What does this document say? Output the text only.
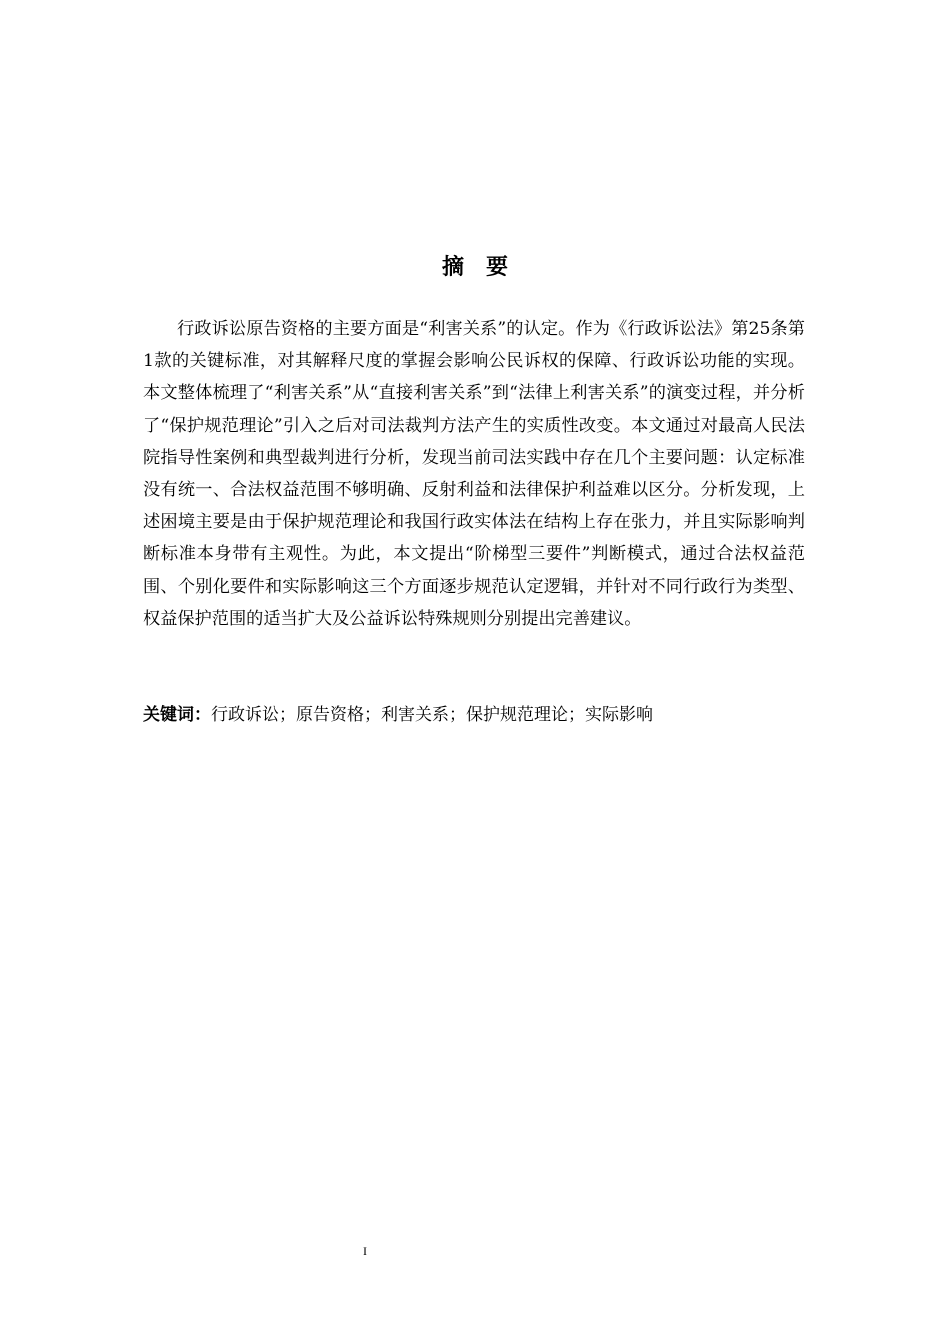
摘要

行政诉讼原告资格的主要方面是“利害关系”的认定。作为《行政诉讼法》第25条第1款的关键标准，对其解释尺度的掌握会影响公民诉权的保障、行政诉讼功能的实现。本文整体梳理了“利害关系”从“直接利害关系”到“法律上利害关系”的演变过程，并分析了“保护规范理论”引入之后对司法裁判方法产生的实质性改变。本文通过对最高人民法院指导性案例和典型裁判进行分析，发现当前司法实践中存在几个主要问题：认定标准没有统一、合法权益范围不够明确、反射利益和法律保护利益难以区分。分析发现，上述困境主要是由于保护规范理论和我国行政实体法在结构上存在张力，并且实际影响判断标准本身带有主观性。为此，本文提出“阶梯型三要件”判断模式，通过合法权益范围、个别化要件和实际影响这三个方面逐步规范认定逻辑，并针对不同行政行为类型、权益保护范围的适当扩大及公益诉讼特殊规则分别提出完善建议。

关键词：行政诉讼；原告资格；利害关系；保护规范理论；实际影响

I
